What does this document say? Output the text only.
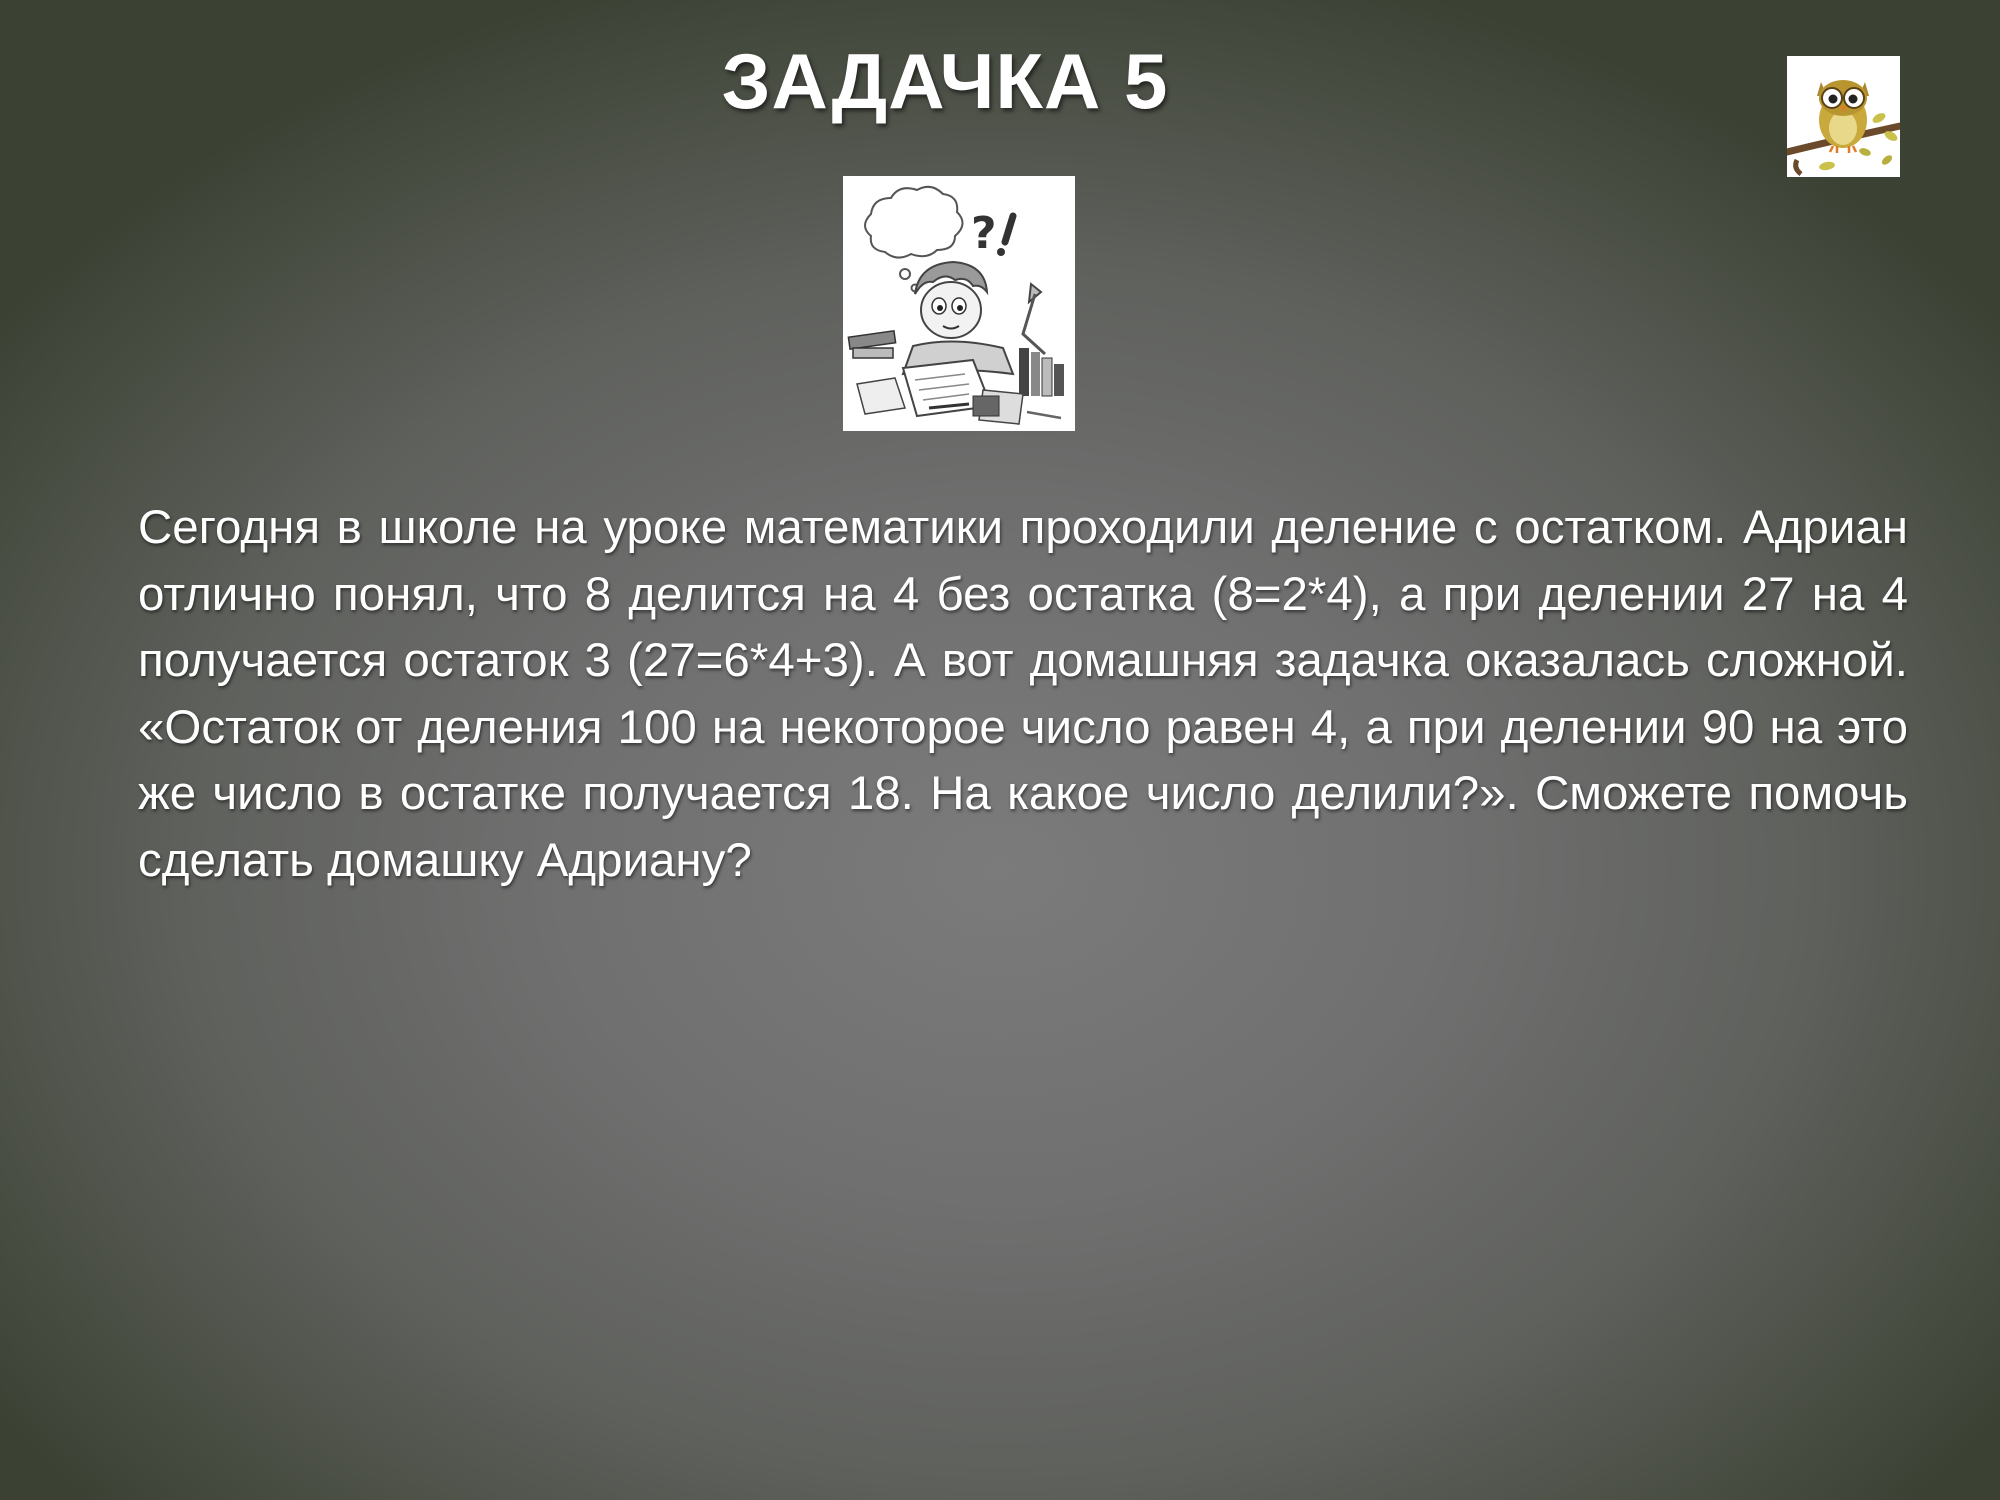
ЗАДАЧКА 5
?
Сегодня в школе на уроке математики проходили деление с остатком. Адриан отлично понял, что 8 делится на 4 без остатка (8=2*4), а при делении 27 на 4 получается остаток 3 (27=6*4+3). А вот домашняя задачка оказалась сложной. «Остаток от деления 100 на некоторое число равен 4, а при делении 90 на это же число в остатке получается 18. На какое число делили?». Сможете помочь сделать домашку Адриану?
